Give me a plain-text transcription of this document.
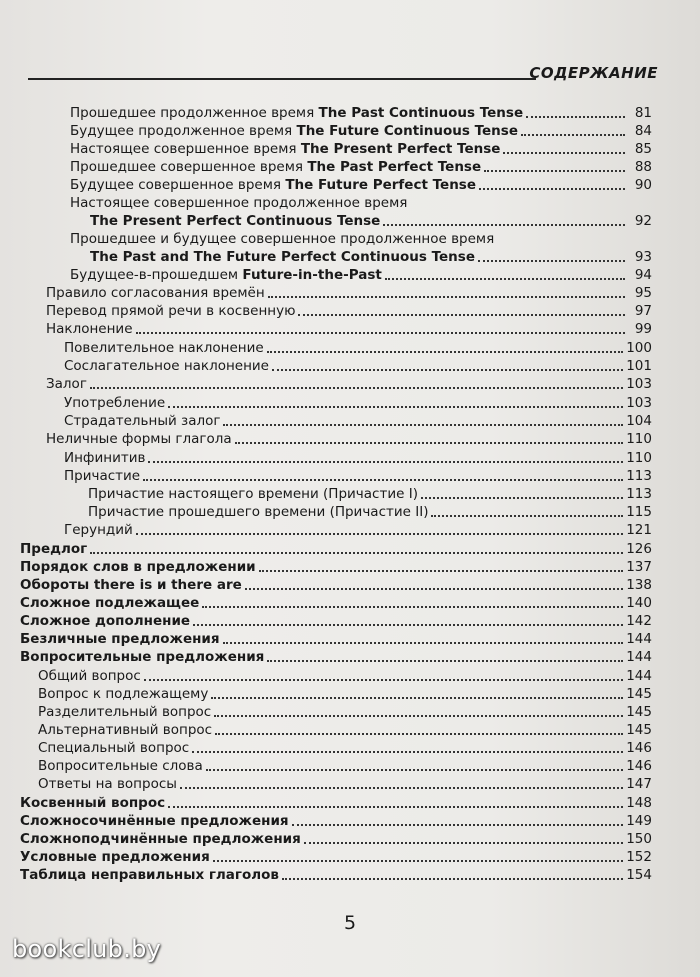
СОДЕРЖАНИЕ
Прошедшее продолженное время The Past Continuous Tense	81
Будущее продолженное время The Future Continuous Tense	84
Настоящее совершенное время The Present Perfect Tense	85
Прошедшее совершенное время The Past Perfect Tense	88
Будущее совершенное время The Future Perfect Tense	90
Настоящее совершенное продолженное время
The Present Perfect Continuous Tense	92
Прошедшее и будущее совершенное продолженное время
The Past and The Future Perfect Continuous Tense	93
Будущее-в-прошедшем Future-in-the-Past	94
Правило согласования времён	95
Перевод прямой речи в косвенную	97
Наклонение	99
Повелительное наклонение	100
Сослагательное наклонение	101
Залог	103
Употребление	103
Страдательный залог	104
Неличные формы глагола	110
Инфинитив	110
Причастие	113
Причастие настоящего времени (Причастие I)	113
Причастие прошедшего времени (Причастие II)	115
Герундий	121
Предлог	126
Порядок слов в предложении	137
Обороты there is и there are	138
Сложное подлежащее	140
Сложное дополнение	142
Безличные предложения	144
Вопросительные предложения	144
Общий вопрос	144
Вопрос к подлежащему	145
Разделительный вопрос	145
Альтернативный вопрос	145
Специальный вопрос	146
Вопросительные слова	146
Ответы на вопросы	147
Косвенный вопрос	148
Сложносочинённые предложения	149
Сложноподчинённые предложения	150
Условные предложения	152
Таблица неправильных глаголов	154
5
bookclub.by
